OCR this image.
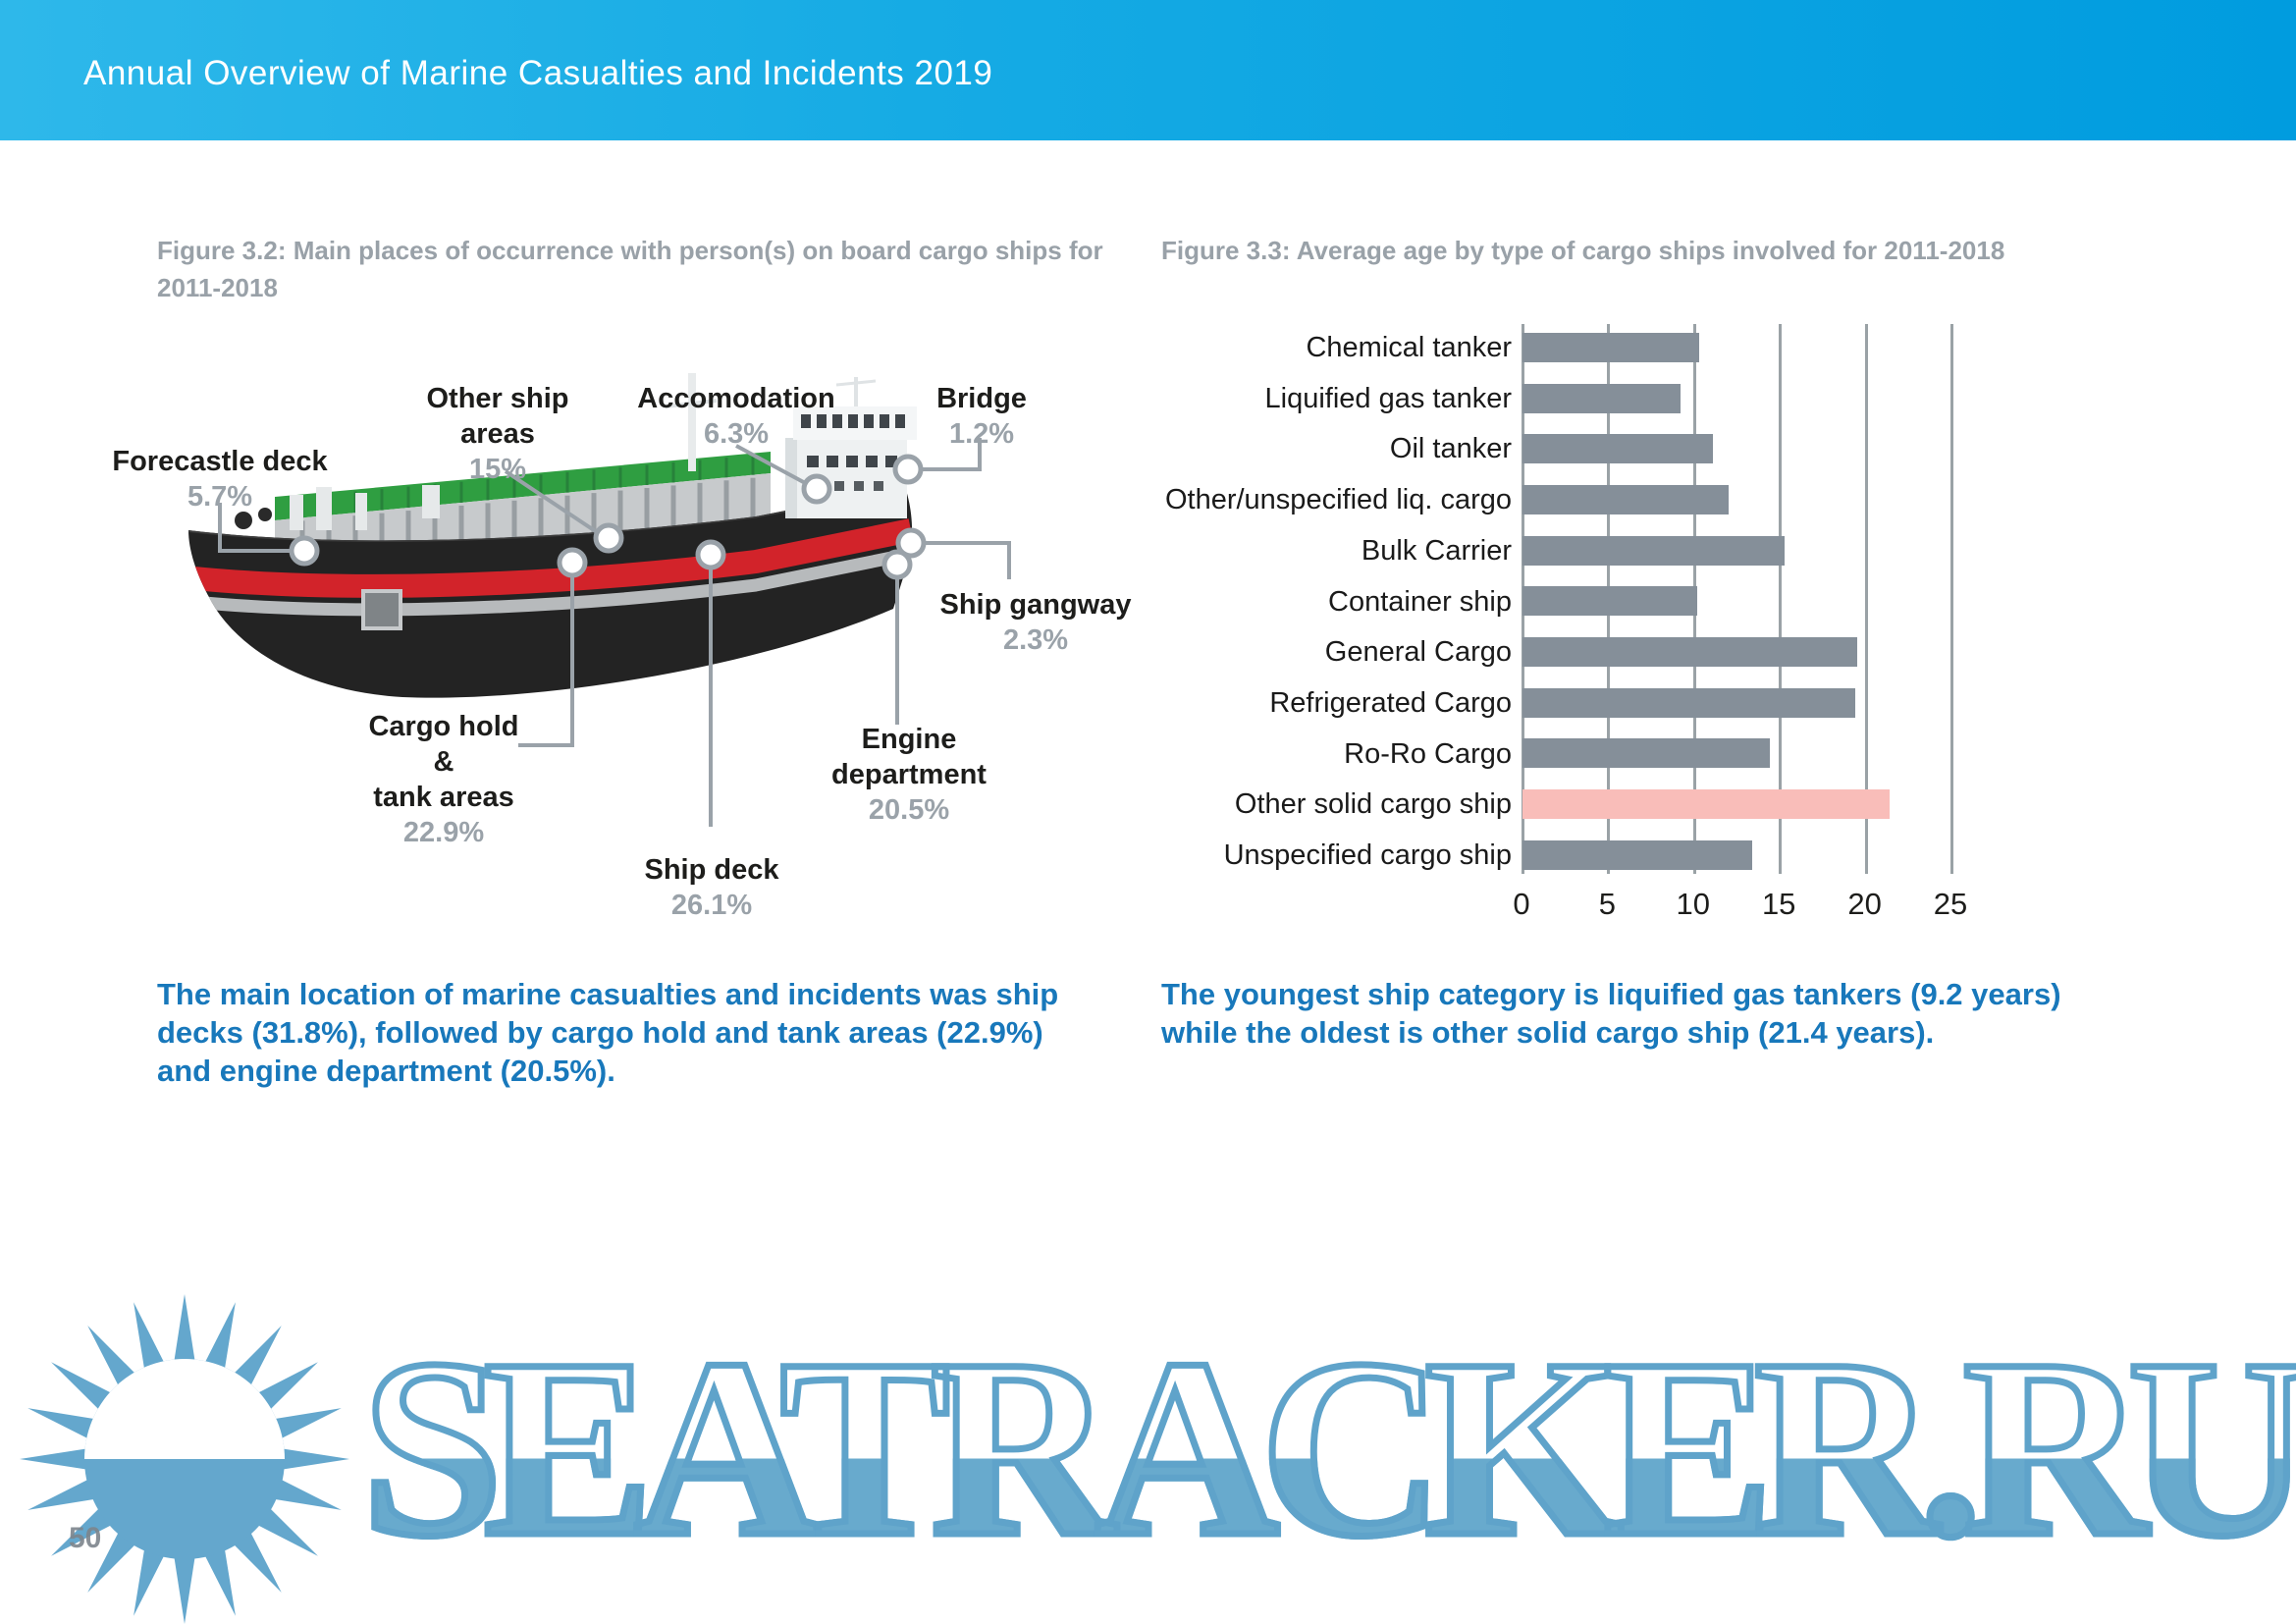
Annual Overview of Marine Casualties and Incidents 2019
Figure 3.2: Main places of occurrence with person(s) on board cargo ships for 2011-2018
Figure 3.3: Average age by type of cargo ships involved for 2011-2018
Forecastle deck
5.7%
Other ship
areas
15%
Accomodation
6.3%
Bridge
1.2%
Ship gangway
2.3%
Cargo hold
&
tank areas
22.9%
Engine
department
20.5%
Ship deck
26.1%
Chemical tanker
Liquified gas tanker
Oil tanker
Other/unspecified liq. cargo
Bulk Carrier
Container ship
General Cargo
Refrigerated Cargo
Ro-Ro Cargo
Other solid cargo ship
Unspecified cargo ship
0 5 10 15 20 25
The main location of marine casualties and incidents was ship decks (31.8%), followed by cargo hold and tank areas (22.9%) and engine department (20.5%).
The youngest ship category is liquified gas tankers (9.2 years) while the oldest is other solid cargo ship (21.4 years).
SEATRACKER.RU
50
